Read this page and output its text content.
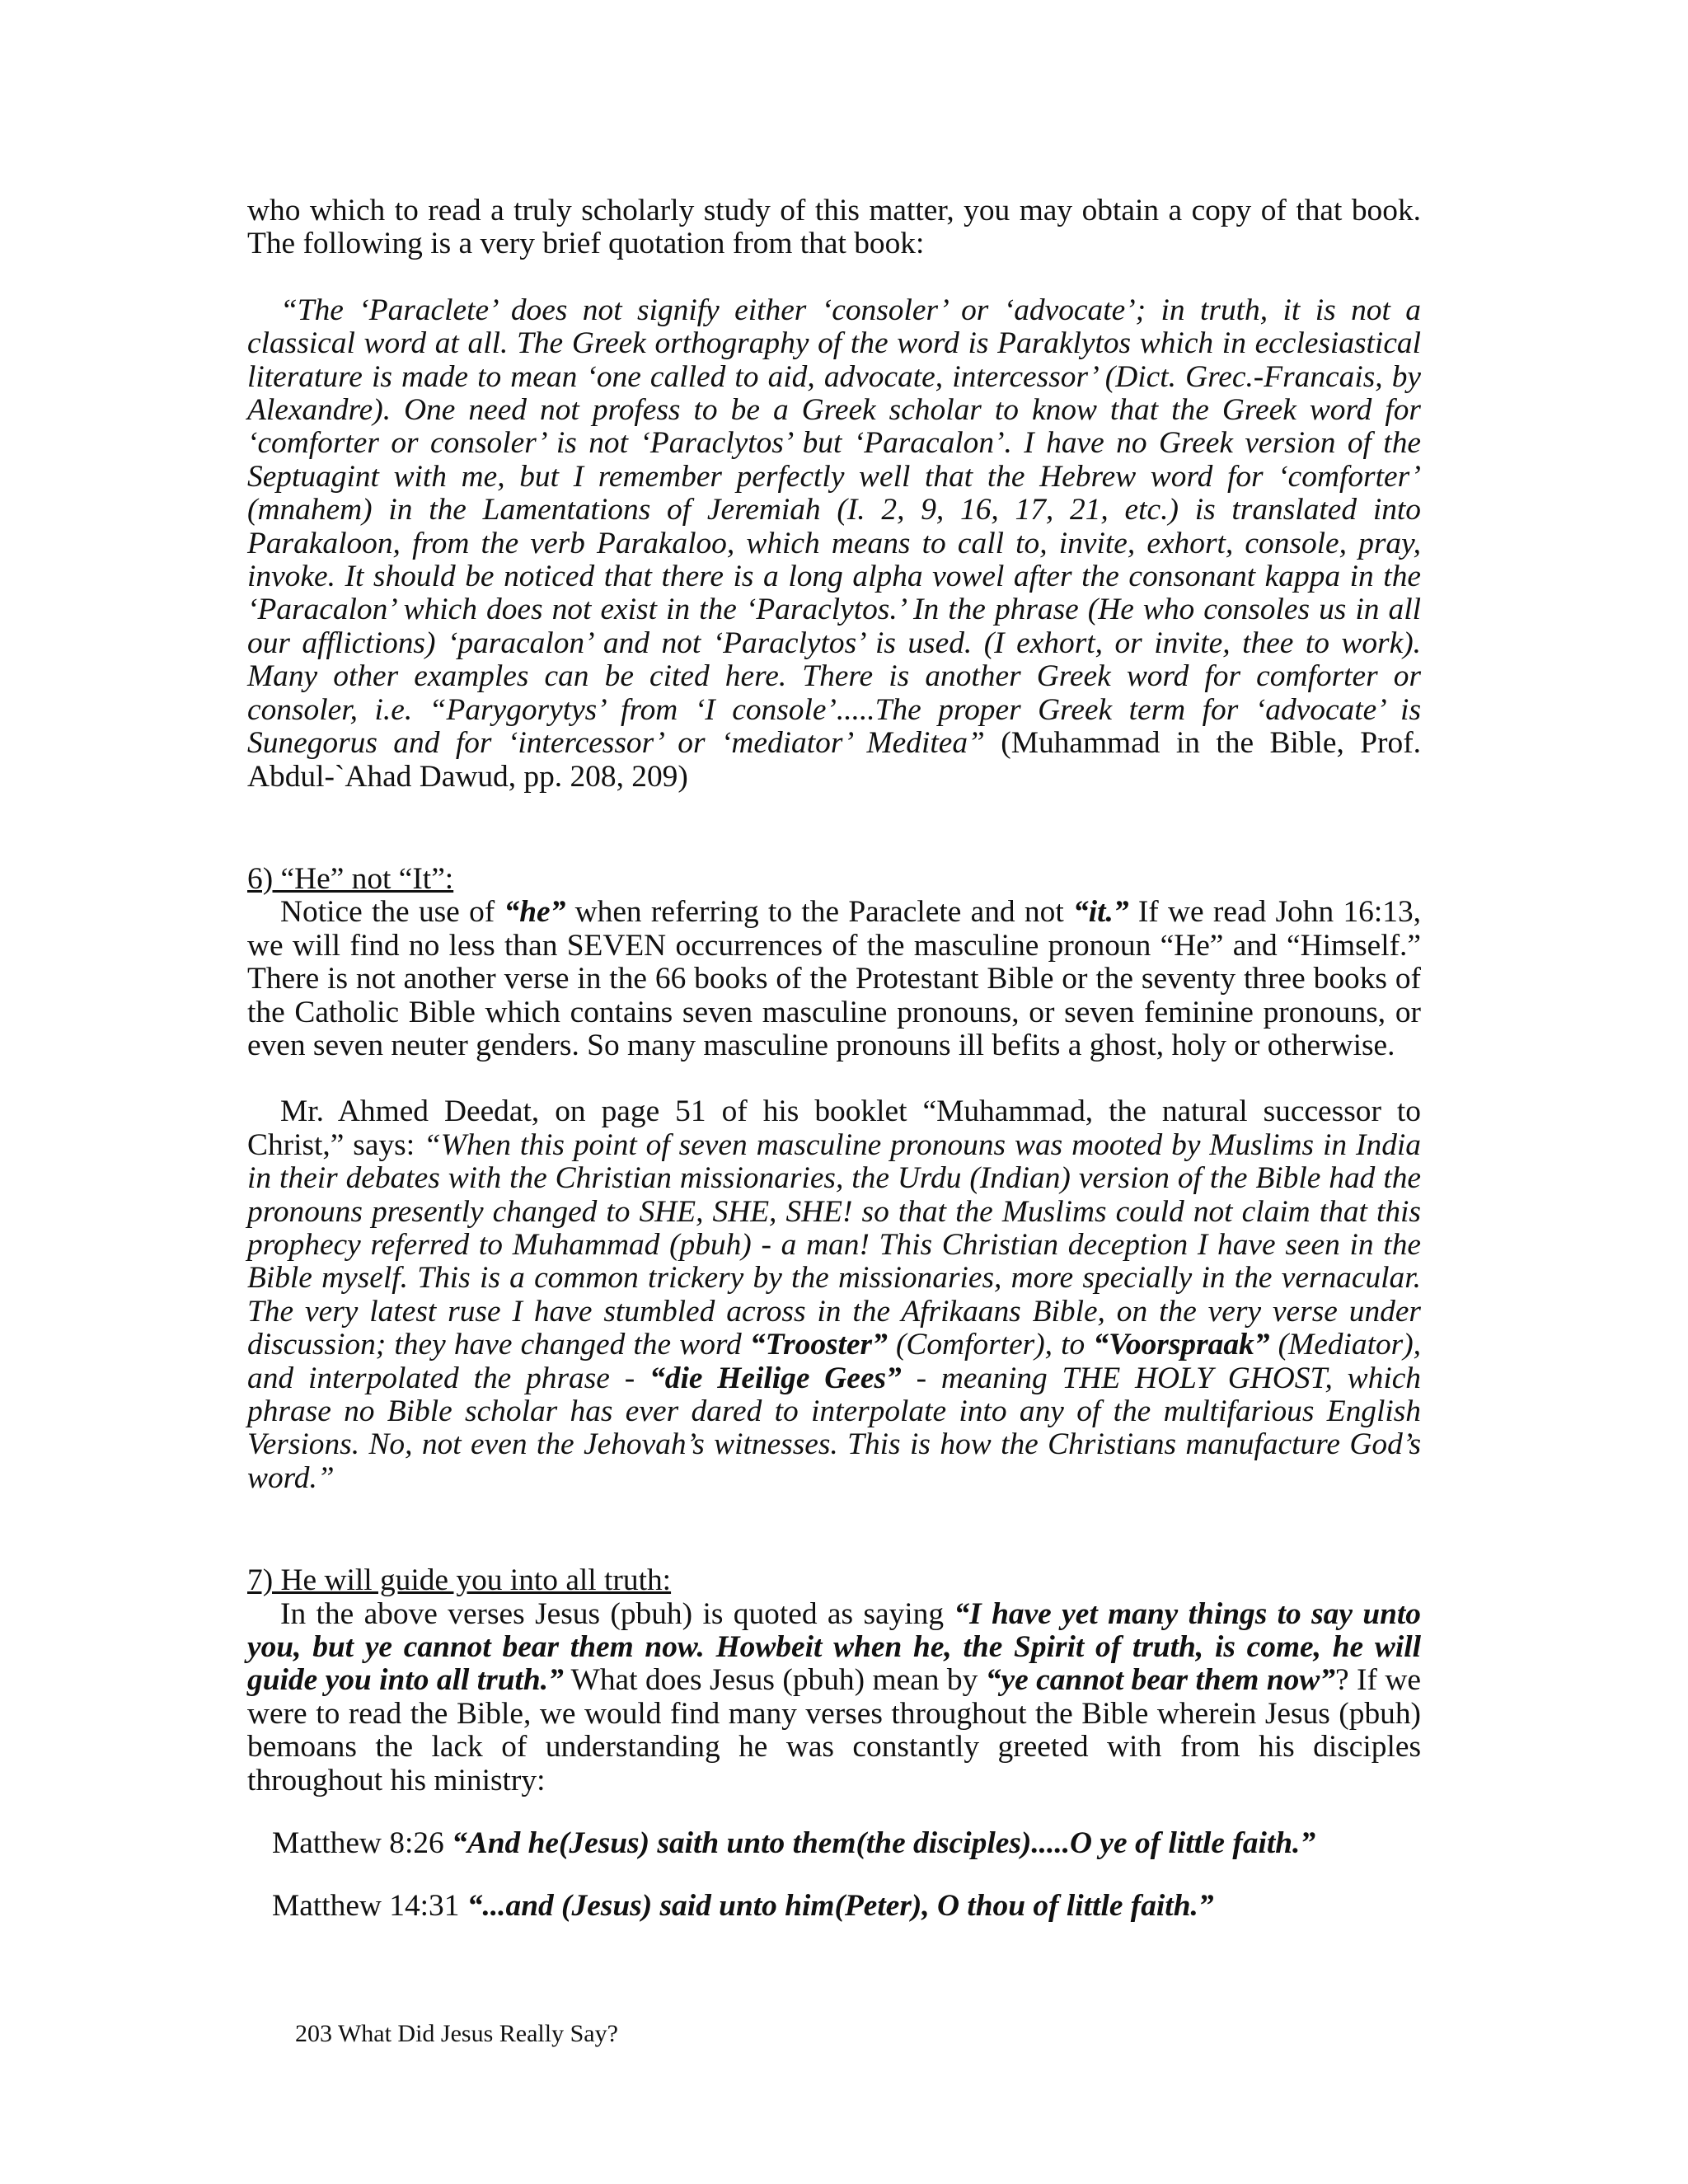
who which to read a truly scholarly study of this matter, you may obtain a copy of that book. The following is a very brief quotation from that book:

“The ‘Paraclete’ does not signify either ‘consoler’ or ‘advocate’; in truth, it is not a classical word at all. The Greek orthography of the word is Paraklytos which in ecclesiastical literature is made to mean ‘one called to aid, advocate, intercessor’ (Dict. Grec.-Francais, by Alexandre). One need not profess to be a Greek scholar to know that the Greek word for ‘comforter or consoler’ is not ‘Paraclytos’ but ‘Paracalon’. I have no Greek version of the Septuagint with me, but I remember perfectly well that the Hebrew word for ‘comforter’ (mnahem) in the Lamentations of Jeremiah (I. 2, 9, 16, 17, 21, etc.) is translated into Parakaloon, from the verb Parakaloo, which means to call to, invite, exhort, console, pray, invoke. It should be noticed that there is a long alpha vowel after the consonant kappa in the ‘Paracalon’ which does not exist in the ‘Paraclytos.’ In the phrase (He who consoles us in all our afflictions) ‘paracalon’ and not ‘Paraclytos’ is used. (I exhort, or invite, thee to work). Many other examples can be cited here. There is another Greek word for comforter or consoler, i.e. “Parygorytys’ from ‘I console’.....The proper Greek term for ‘advocate’ is Sunegorus and for ‘intercessor’ or ‘mediator’ Meditea” (Muhammad in the Bible, Prof. Abdul-`Ahad Dawud, pp. 208, 209)

6) “He” not “It”:

Notice the use of “he” when referring to the Paraclete and not “it.” If we read John 16:13, we will find no less than SEVEN occurrences of the masculine pronoun “He” and “Himself.” There is not another verse in the 66 books of the Protestant Bible or the seventy three books of the Catholic Bible which contains seven masculine pronouns, or seven feminine pronouns, or even seven neuter genders. So many masculine pronouns ill befits a ghost, holy or otherwise.

Mr. Ahmed Deedat, on page 51 of his booklet “Muhammad, the natural successor to Christ,” says: “When this point of seven masculine pronouns was mooted by Muslims in India in their debates with the Christian missionaries, the Urdu (Indian) version of the Bible had the pronouns presently changed to SHE, SHE, SHE! so that the Muslims could not claim that this prophecy referred to Muhammad (pbuh) - a man! This Christian deception I have seen in the Bible myself. This is a common trickery by the missionaries, more specially in the vernacular. The very latest ruse I have stumbled across in the Afrikaans Bible, on the very verse under discussion; they have changed the word “Trooster” (Comforter), to “Voorspraak” (Mediator), and interpolated the phrase - “die Heilige Gees” - meaning THE HOLY GHOST, which phrase no Bible scholar has ever dared to interpolate into any of the multifarious English Versions. No, not even the Jehovah’s witnesses. This is how the Christians manufacture God’s word.”

7) He will guide you into all truth:

In the above verses Jesus (pbuh) is quoted as saying “I have yet many things to say unto you, but ye cannot bear them now. Howbeit when he, the Spirit of truth, is come, he will guide you into all truth.” What does Jesus (pbuh) mean by “ye cannot bear them now”? If we were to read the Bible, we would find many verses throughout the Bible wherein Jesus (pbuh) bemoans the lack of understanding he was constantly greeted with from his disciples throughout his ministry:

Matthew 8:26 “And he(Jesus) saith unto them(the disciples).....O ye of little faith.”

Matthew 14:31 “...and (Jesus) said unto him(Peter), O thou of little faith.”

203 What Did Jesus Really Say?
